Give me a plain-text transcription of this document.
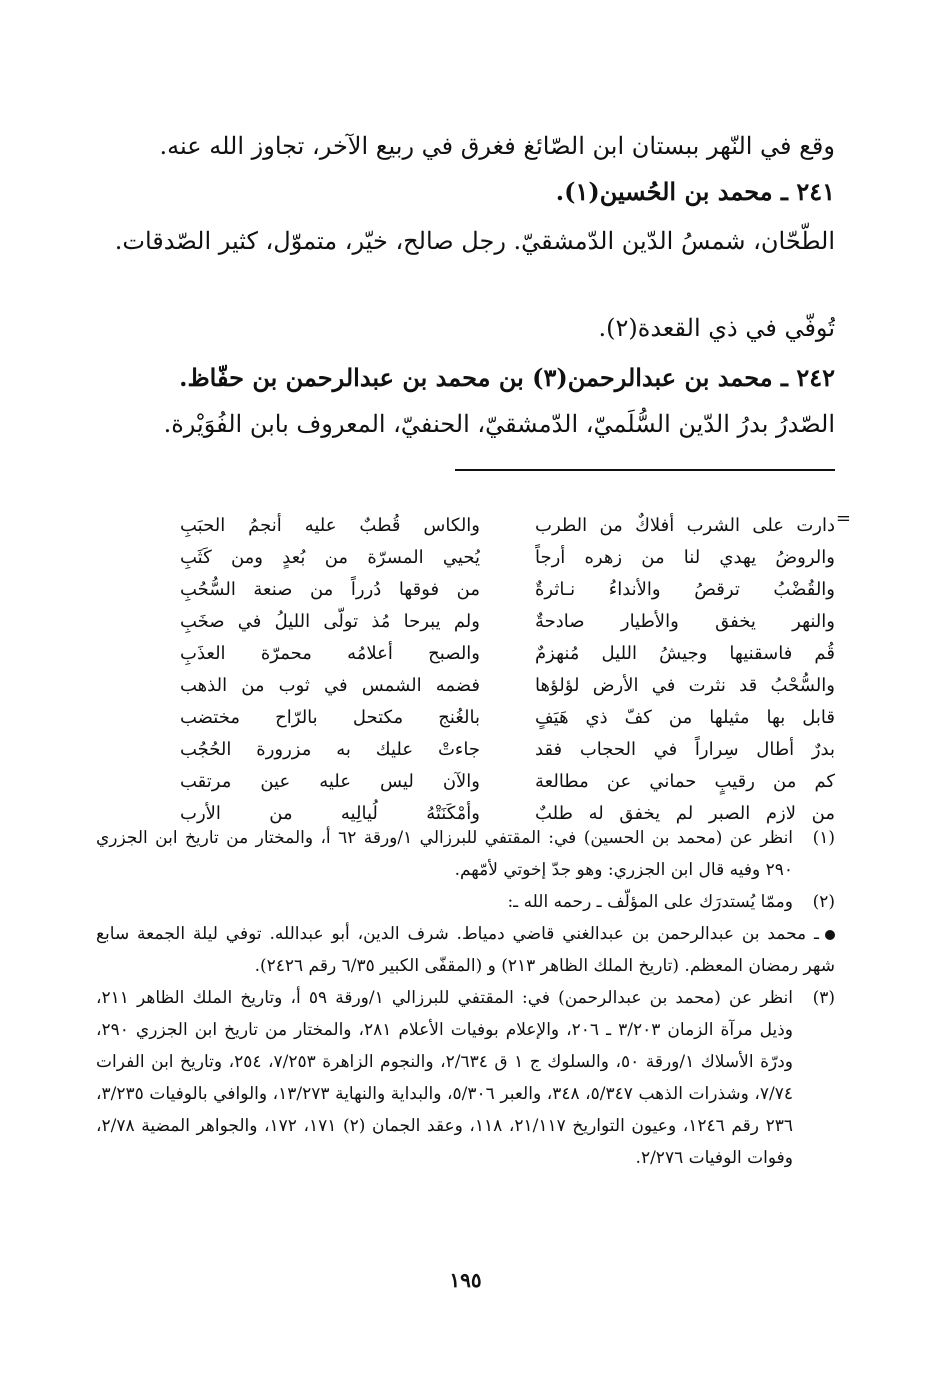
وقع في النّهر ببستان ابن الصّائغ فغرق في ربيع الآخر، تجاوز الله عنه.
٢٤١ ـ محمد بن الحُسين(١).
الطّحّان، شمسُ الدّين الدّمشقيّ. رجل صالح، خيّر، متموّل، كثير الصّدقات.
تُوفّي في ذي القعدة(٢).
٢٤٢ ـ محمد بن عبدالرحمن(٣) بن محمد بن عبدالرحمن بن حفّاظ.
الصّدرُ بدرُ الدّين السُّلَميّ، الدّمشقيّ، الحنفيّ، المعروف بابن الفُوَيْرة.
=
دارت على الشرب أفلاكٌ من الطرب
والكاس قُطبٌ عليه أنجمُ الحبَبِ
والروضُ يهدي لنا من زهره أرجاً
يُحيي المسرّة من بُعدٍ ومن كَثَبِ
والقُضْبُ ترقصُ والأنداءُ نـاثرةٌ
من فوقها دُرراً من صنعة السُّحُبِ
والنهر يخفق والأطيار صادحةٌ
ولم يبرحا مُذ تولّى الليلُ في صخَبِ
قُم فاسقنيها وجيشُ الليل مُنهزمٌ
والصبح أعلامُه محمرّة العذَبِ
والسُّحْبُ قد نثرت في الأرض لؤلؤها
فضمه الشمس في ثوب من الذهب
قابل بها مثيلها من كفّ ذي هَيَفٍ
بالغُنج مكتحل بالرّاح مختضب
بدرٌ أطال سِراراً في الحجاب فقد
جاءتْ عليك به مزرورة الحُجُب
كم من رقيبٍ حماني عن مطالعة
والآن ليس عليه عين مرتقب
من لازم الصبر لم يخفق له طلبٌ
وأمْكَنَتْهُ لُيالِيه من الأرب
(١)
انظر عن (محمد بن الحسين) في: المقتفي للبرزالي ١/ورقة ٦٢ أ، والمختار من تاريخ ابن الجزري ٢٩٠ وفيه قال ابن الجزري: وهو جدّ إخوتي لأمّهم.
(٢)
وممّا يُستدرَك على المؤلّف ـ رحمه الله ـ:
ـ محمد بن عبدالرحمن بن عبدالغني قاضي دمياط. شرف الدين، أبو عبدالله. توفي ليلة الجمعة سابع شهر رمضان المعظم. (تاريخ الملك الظاهر ٢١٣) و (المقفّى الكبير ٦/٣٥ رقم ٢٤٢٦).
(٣)
انظر عن (محمد بن عبدالرحمن) في: المقتفي للبرزالي ١/ورقة ٥٩ أ، وتاريخ الملك الظاهر ٢١١، وذيل مرآة الزمان ٣/٢٠٣ ـ ٢٠٦، والإعلام بوفيات الأعلام ٢٨١، والمختار من تاريخ ابن الجزري ٢٩٠، ودرّة الأسلاك ١/ورقة ٥٠، والسلوك ج ١ ق ٢/٦٣٤، والنجوم الزاهرة ٧/٢٥٣، ٢٥٤، وتاريخ ابن الفرات ٧/٧٤، وشذرات الذهب ٥/٣٤٧، ٣٤٨، والعبر ٥/٣٠٦، والبداية والنهاية ١٣/٢٧٣، والوافي بالوفيات ٣/٢٣٥، ٢٣٦ رقم ١٢٤٦، وعيون التواريخ ٢١/١١٧، ١١٨، وعقد الجمان (٢) ١٧١، ١٧٢، والجواهر المضية ٢/٧٨، وفوات الوفيات ٢/٢٧٦.
١٩٥
